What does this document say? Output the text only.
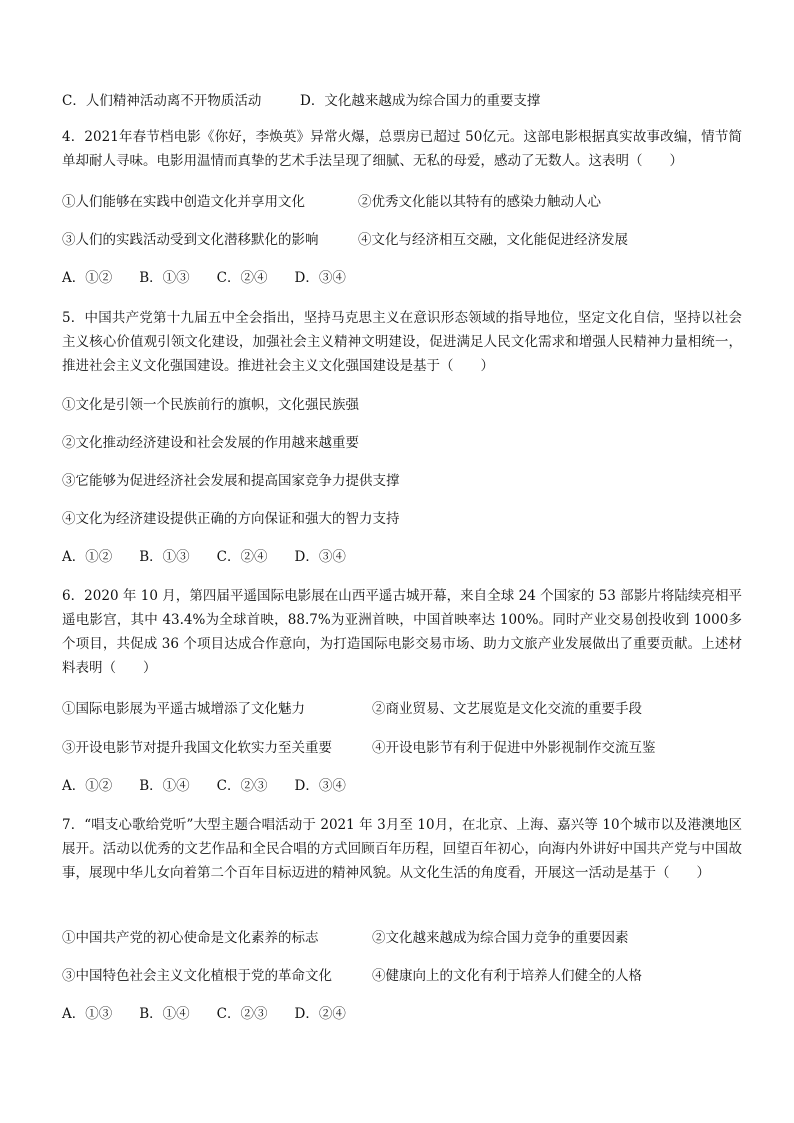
C．人们精神活动离不开物质活动	D．文化越来越成为综合国力的重要支撑
4．2021年春节档电影《你好，李焕英》异常火爆，总票房已超过 50亿元。这部电影根据真实故事改编，情节简单却耐人寻味。电影用温情而真挚的艺术手法呈现了细腻、无私的母爱，感动了无数人。这表明（　　）
①人们能够在实践中创造文化并享用文化	②优秀文化能以其特有的感染力触动人心
③人们的实践活动受到文化潜移默化的影响	④文化与经济相互交融，文化能促进经济发展
A．①②　　B．①③　　C．②④　　D．③④
5．中国共产党第十九届五中全会指出，坚持马克思主义在意识形态领域的指导地位，坚定文化自信，坚持以社会主义核心价值观引领文化建设，加强社会主义精神文明建设，促进满足人民文化需求和增强人民精神力量相统一，推进社会主义文化强国建设。推进社会主义文化强国建设是基于（　　）
①文化是引领一个民族前行的旗帜，文化强民族强
②文化推动经济建设和社会发展的作用越来越重要
③它能够为促进经济社会发展和提高国家竞争力提供支撑
④文化为经济建设提供正确的方向保证和强大的智力支持
A．①②　　B．①③　　C．②④　　D．③④
6．2020 年 10 月，第四届平遥国际电影展在山西平遥古城开幕，来自全球 24 个国家的 53 部影片将陆续亮相平遥电影宫，其中 43.4%为全球首映，88.7%为亚洲首映，中国首映率达 100%。同时产业交易创投收到 1000多个项目，共促成 36 个项目达成合作意向，为打造国际电影交易市场、助力文旅产业发展做出了重要贡献。上述材料表明（　　）
①国际电影展为平遥古城增添了文化魅力	②商业贸易、文艺展览是文化交流的重要手段
③开设电影节对提升我国文化软实力至关重要	④开设电影节有利于促进中外影视制作交流互鉴
A．①②　　B．①④　　C．②③　　D．③④
7．“唱支心歌给党听”大型主题合唱活动于 2021 年 3月至 10月，在北京、上海、嘉兴等 10个城市以及港澳地区展开。活动以优秀的文艺作品和全民合唱的方式回顾百年历程，回望百年初心，向海内外讲好中国共产党与中国故事，展现中华儿女向着第二个百年目标迈进的精神风貌。从文化生活的角度看，开展这一活动是基于（　　）
①中国共产党的初心使命是文化素养的标志	②文化越来越成为综合国力竞争的重要因素
③中国特色社会主义文化植根于党的革命文化	④健康向上的文化有利于培养人们健全的人格
A．①③　　B．①④　　C．②③　　D．②④
